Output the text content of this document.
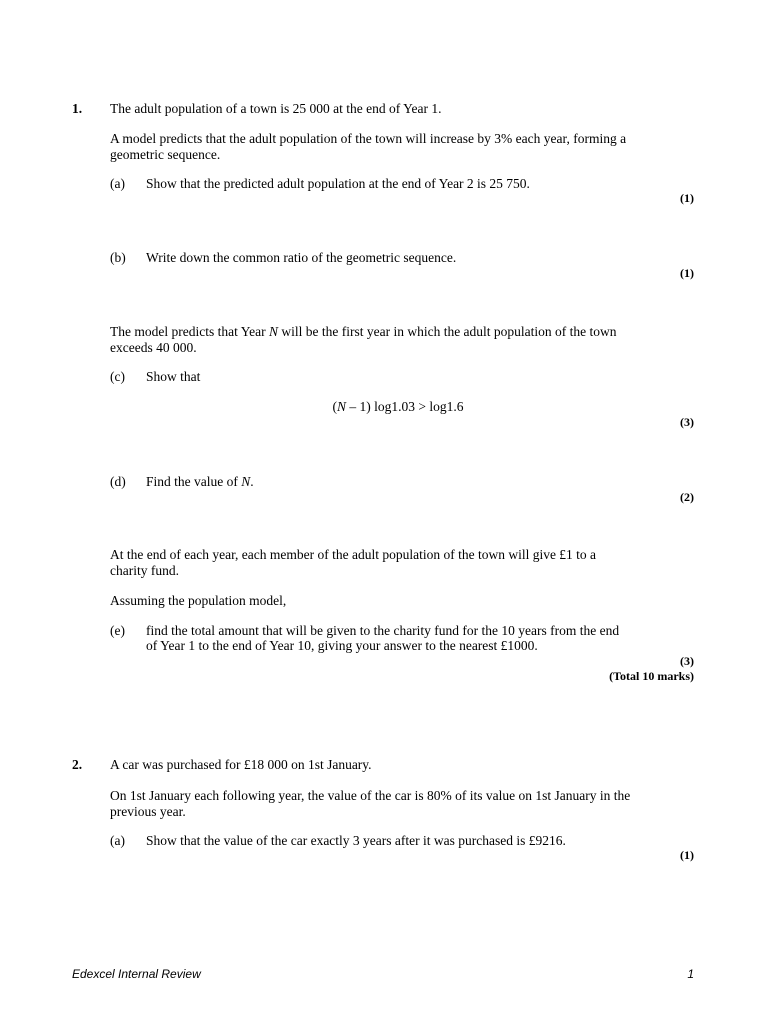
1. The adult population of a town is 25 000 at the end of Year 1.
A model predicts that the adult population of the town will increase by 3% each year, forming a
geometric sequence.
(a) Show that the predicted adult population at the end of Year 2 is 25 750.
(1)
(b) Write down the common ratio of the geometric sequence.
(1)
The model predicts that Year N will be the first year in which the adult population of the town
exceeds 40 000.
(c) Show that
(N – 1) log1.03 > log1.6
(3)
(d) Find the value of N.
(2)
At the end of each year, each member of the adult population of the town will give £1 to a
charity fund.
Assuming the population model,
(e) find the total amount that will be given to the charity fund for the 10 years from the end
of Year 1 to the end of Year 10, giving your answer to the nearest £1000.
(3)
(Total 10 marks)
2. A car was purchased for £18 000 on 1st January.
On 1st January each following year, the value of the car is 80% of its value on 1st January in the
previous year.
(a) Show that the value of the car exactly 3 years after it was purchased is £9216.
(1)
Edexcel Internal Review	1
